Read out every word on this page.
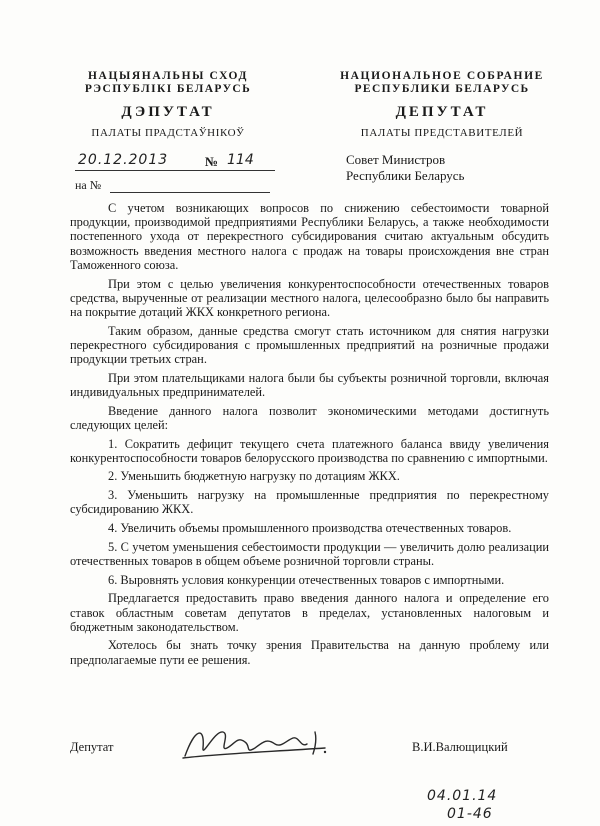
НАЦЫЯНАЛЬНЫ СХОД
РЭСПУБЛІКІ БЕЛАРУСЬ
ДЭПУТАТ
ПАЛАТЫ ПРАДСТАЎНІКОЎ
НАЦИОНАЛЬНОЕ СОБРАНИЕ
РЕСПУБЛИКИ БЕЛАРУСЬ
ДЕПУТАТ
ПАЛАТЫ ПРЕДСТАВИТЕЛЕЙ
20.12.2013	№ 114
на №
Совет Министров
Республики Беларусь

С учетом возникающих вопросов по снижению себестоимости товарной продукции, производимой предприятиями Республики Беларусь, а также необходимости постепенного ухода от перекрестного субсидирования считаю актуальным обсудить возможность введения местного налога с продаж на товары происхождения вне стран Таможенного союза.

При этом с целью увеличения конкурентоспособности отечественных товаров средства, вырученные от реализации местного налога, целесообразно было бы направить на покрытие дотаций ЖКХ конкретного региона.

Таким образом, данные средства смогут стать источником для снятия нагрузки перекрестного субсидирования с промышленных предприятий на розничные продажи продукции третьих стран.

При этом плательщиками налога были бы субъекты розничной торговли, включая индивидуальных предпринимателей.

Введение данного налога позволит экономическими методами достигнуть следующих целей:

1. Сократить дефицит текущего счета платежного баланса ввиду увеличения конкурентоспособности товаров белорусского производства по сравнению с импортными.

2. Уменьшить бюджетную нагрузку по дотациям ЖКХ.

3. Уменьшить нагрузку на промышленные предприятия по перекрестному субсидированию ЖКХ.

4. Увеличить объемы промышленного производства отечественных товаров.

5. С учетом уменьшения себестоимости продукции — увеличить долю реализации отечественных товаров в общем объеме розничной торговли страны.

6. Выровнять условия конкуренции отечественных товаров с импортными.

Предлагается предоставить право введения данного налога и определение его ставок областным советам депутатов в пределах, установленных налоговым и бюджетным законодательством.

Хотелось бы знать точку зрения Правительства на данную проблему или предполагаемые пути ее решения.

Депутат	В.И.Валющицкий
04.01.14
01-46
